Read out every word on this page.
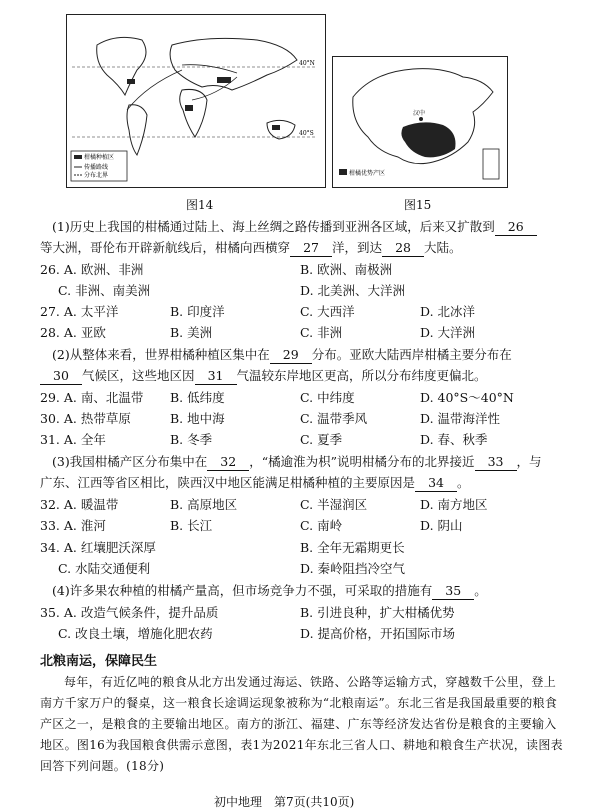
40°N
40°S
柑橘种植区
传播路线
分布北界
图14
汉中
柑橘优势产区
图15
(1)历史上我国的柑橘通过陆上、海上丝绸之路传播到亚洲各区域，后来又扩散到 26
等大洲，哥伦布开辟新航线后，柑橘向西横穿 27 洋，到达 28 大陆。
26. A. 欧洲、非洲	B. 欧洲、南极洲
C. 非洲、南美洲	D. 北美洲、大洋洲
27. A. 太平洋	B. 印度洋	C. 大西洋	D. 北冰洋
28. A. 亚欧	B. 美洲	C. 非洲	D. 大洋洲
(2)从整体来看，世界柑橘种植区集中在 29 分布。亚欧大陆西岸柑橘主要分布在
30 气候区，这些地区因 31 气温较东岸地区更高，所以分布纬度更偏北。
29. A. 南、北温带 B. 低纬度	C. 中纬度	D. 40°S～40°N
30. A. 热带草原	B. 地中海	C. 温带季风	D. 温带海洋性
31. A. 全年	B. 冬季	C. 夏季	D. 春、秋季
(3)我国柑橘产区分布集中在 32 ，“橘逾淮为枳”说明柑橘分布的北界接近 33 ，与
广东、江西等省区相比，陕西汉中地区能满足柑橘种植的主要原因是 34 。
32. A. 暖温带	B. 高原地区	C. 半湿润区	D. 南方地区
33. A. 淮河	B. 长江	C. 南岭	D. 阴山
34. A. 红壤肥沃深厚	B. 全年无霜期更长
C. 水陆交通便利	D. 秦岭阻挡冷空气
(4)许多果农种植的柑橘产量高，但市场竞争力不强，可采取的措施有 35 。
35. A. 改造气候条件，提升品质	B. 引进良种，扩大柑橘优势
C. 改良土壤，增施化肥农药	D. 提高价格，开拓国际市场
北粮南运，保障民生
每年，有近亿吨的粮食从北方出发通过海运、铁路、公路等运输方式，穿越数千公里，登上南方千家万户的餐桌，这一粮食长途调运现象被称为“北粮南运”。东北三省是我国最重要的粮食产区之一，是粮食的主要输出地区。南方的浙江、福建、广东等经济发达省份是粮食的主要输入地区。图16为我国粮食供需示意图，表1为2021年东北三省人口、耕地和粮食生产状况，读图表回答下列问题。(18分)
初中地理　第7页(共10页)
